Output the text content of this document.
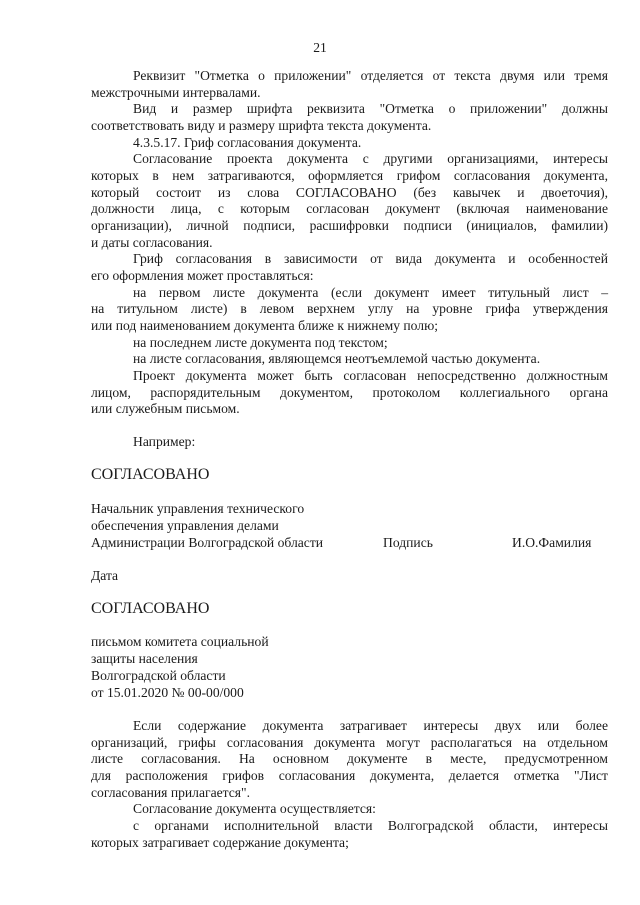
21
Реквизит "Отметка о приложении" отделяется от текста двумя или тремя
межстрочными интервалами.
Вид и размер шрифта реквизита "Отметка о приложении" должны
соответствовать виду и размеру шрифта текста документа.
4.3.5.17. Гриф согласования документа.
Согласование проекта документа с другими организациями, интересы
которых в нем затрагиваются, оформляется грифом согласования документа,
который состоит из слова СОГЛАСОВАНО (без кавычек и двоеточия),
должности лица, с которым согласован документ (включая наименование
организации), личной подписи, расшифровки подписи (инициалов, фамилии)
и даты согласования.
Гриф согласования в зависимости от вида документа и особенностей
его оформления может проставляться:
на первом листе документа (если документ имеет титульный лист –
на титульном листе) в левом верхнем углу на уровне грифа утверждения
или под наименованием документа ближе к нижнему полю;
на последнем листе документа под текстом;
на листе согласования, являющемся неотъемлемой частью документа.
Проект документа может быть согласован непосредственно должностным
лицом, распорядительным документом, протоколом коллегиального органа
или служебным письмом.
Например:
СОГЛАСОВАНО
Начальник управления технического
обеспечения управления делами
Администрации Волгоградской области	Подпись	И.О.Фамилия
Дата
СОГЛАСОВАНО
письмом комитета социальной
защиты населения
Волгоградской области
от 15.01.2020 № 00-00/000
Если содержание документа затрагивает интересы двух или более
организаций, грифы согласования документа могут располагаться на отдельном
листе согласования. На основном документе в месте, предусмотренном
для расположения грифов согласования документа, делается отметка "Лист
согласования прилагается".
Согласование документа осуществляется:
с органами исполнительной власти Волгоградской области, интересы
которых затрагивает содержание документа;
